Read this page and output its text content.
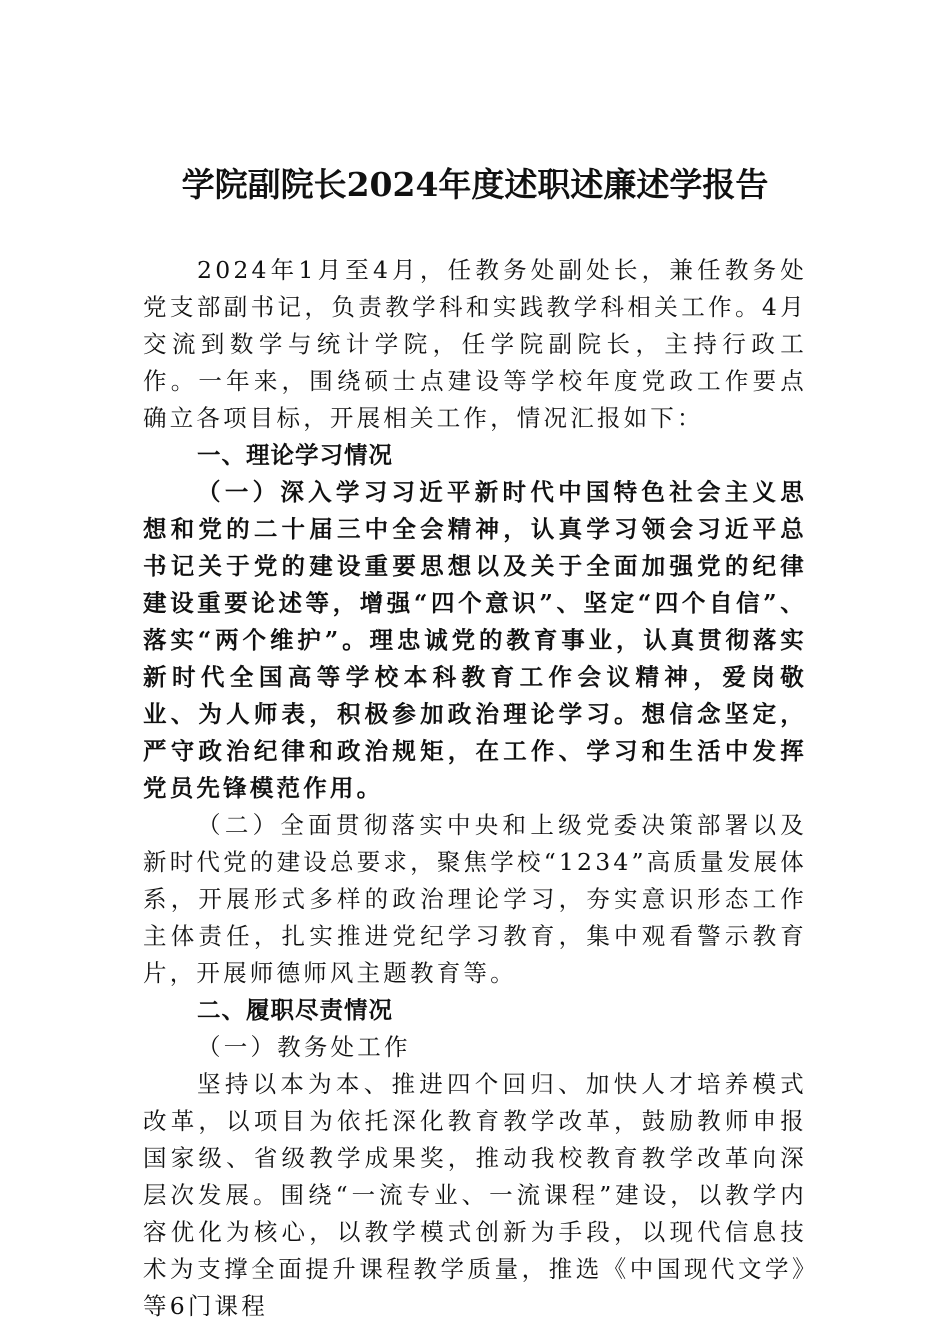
学院副院长2024年度述职述廉述学报告

2024年1月至4月，任教务处副处长，兼任教务处党支部副书记，负责教学科和实践教学科相关工作。4月交流到数学与统计学院，任学院副院长，主持行政工作。一年来，围绕硕士点建设等学校年度党政工作要点确立各项目标，开展相关工作，情况汇报如下：

一、理论学习情况

（一）深入学习习近平新时代中国特色社会主义思想和党的二十届三中全会精神，认真学习领会习近平总书记关于党的建设重要思想以及关于全面加强党的纪律建设重要论述等，增强“四个意识”、坚定“四个自信”、落实“两个维护”。理忠诚党的教育事业，认真贯彻落实新时代全国高等学校本科教育工作会议精神，爱岗敬业、为人师表，积极参加政治理论学习。想信念坚定，严守政治纪律和政治规矩，在工作、学习和生活中发挥党员先锋模范作用。

（二）全面贯彻落实中央和上级党委决策部署以及新时代党的建设总要求，聚焦学校“1234”高质量发展体系，开展形式多样的政治理论学习，夯实意识形态工作主体责任，扎实推进党纪学习教育，集中观看警示教育片，开展师德师风主题教育等。

二、履职尽责情况

（一）教务处工作

坚持以本为本、推进四个回归、加快人才培养模式改革，以项目为依托深化教育教学改革，鼓励教师申报国家级、省级教学成果奖，推动我校教育教学改革向深层次发展。围绕“一流专业、一流课程”建设，以教学内容优化为核心，以教学模式创新为手段，以现代信息技术为支撑全面提升课程教学质量，推选《中国现代文学》等6门课程
